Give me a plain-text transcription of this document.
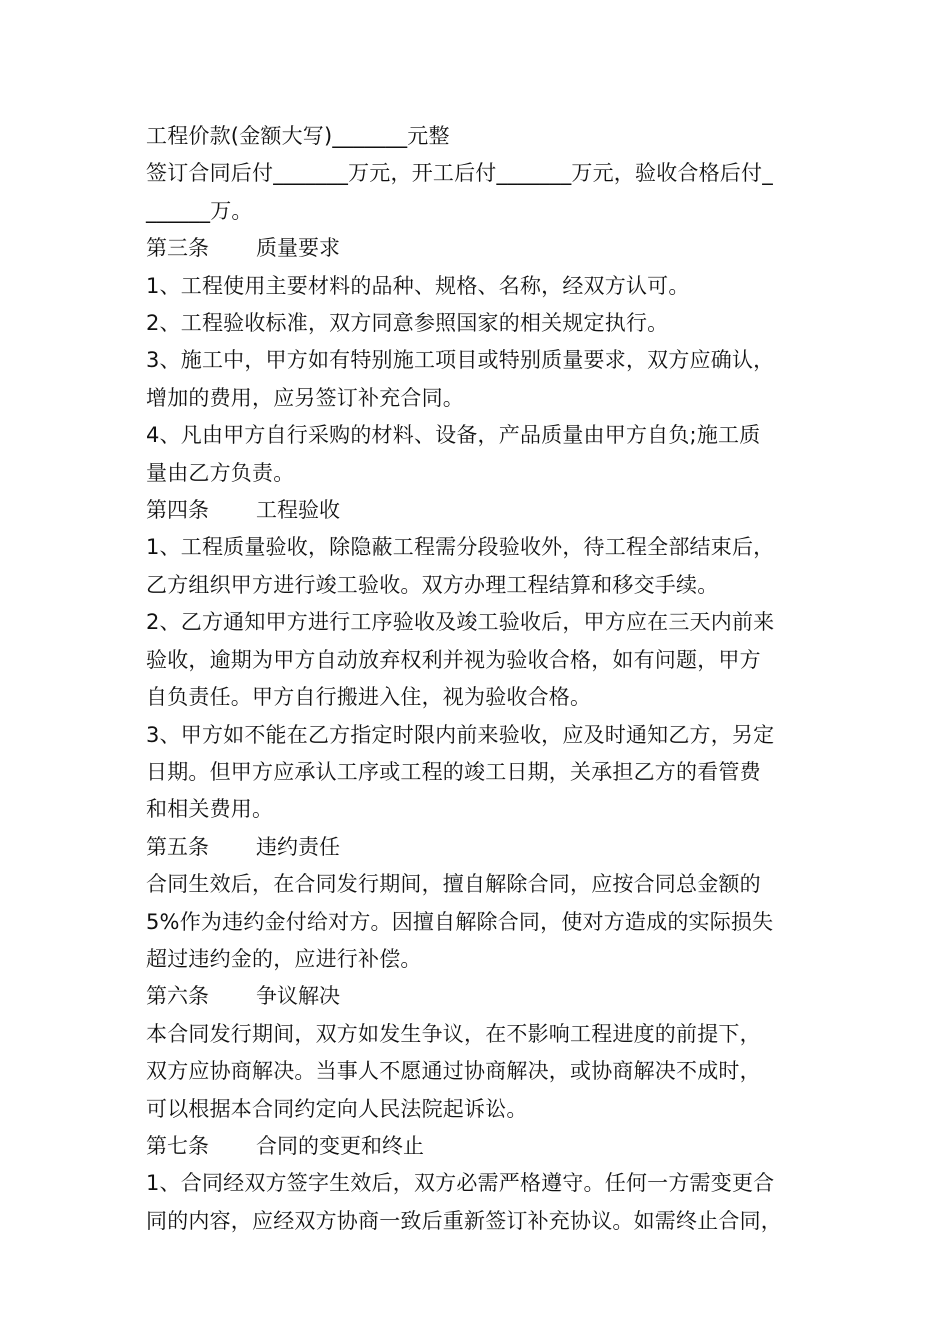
工程价款(金额大写)_______元整
签订合同后付_______万元，开工后付_______万元，验收合格后付_
______万。
第三条 质量要求
1、工程使用主要材料的品种、规格、名称，经双方认可。
2、工程验收标准，双方同意参照国家的相关规定执行。
3、施工中，甲方如有特别施工项目或特别质量要求，双方应确认，
增加的费用，应另签订补充合同。
4、凡由甲方自行采购的材料、设备，产品质量由甲方自负;施工质
量由乙方负责。
第四条 工程验收
1、工程质量验收，除隐蔽工程需分段验收外，待工程全部结束后，
乙方组织甲方进行竣工验收。双方办理工程结算和移交手续。
2、乙方通知甲方进行工序验收及竣工验收后，甲方应在三天内前来
验收，逾期为甲方自动放弃权利并视为验收合格，如有问题，甲方
自负责任。甲方自行搬进入住，视为验收合格。
3、甲方如不能在乙方指定时限内前来验收，应及时通知乙方，另定
日期。但甲方应承认工序或工程的竣工日期，关承担乙方的看管费
和相关费用。
第五条 违约责任
合同生效后，在合同发行期间，擅自解除合同，应按合同总金额的
5%作为违约金付给对方。因擅自解除合同，使对方造成的实际损失
超过违约金的，应进行补偿。
第六条 争议解决
本合同发行期间，双方如发生争议，在不影响工程进度的前提下，
双方应协商解决。当事人不愿通过协商解决，或协商解决不成时，
可以根据本合同约定向人民法院起诉讼。
第七条 合同的变更和终止
1、合同经双方签字生效后，双方必需严格遵守。任何一方需变更合
同的内容，应经双方协商一致后重新签订补充协议。如需终止合同，
